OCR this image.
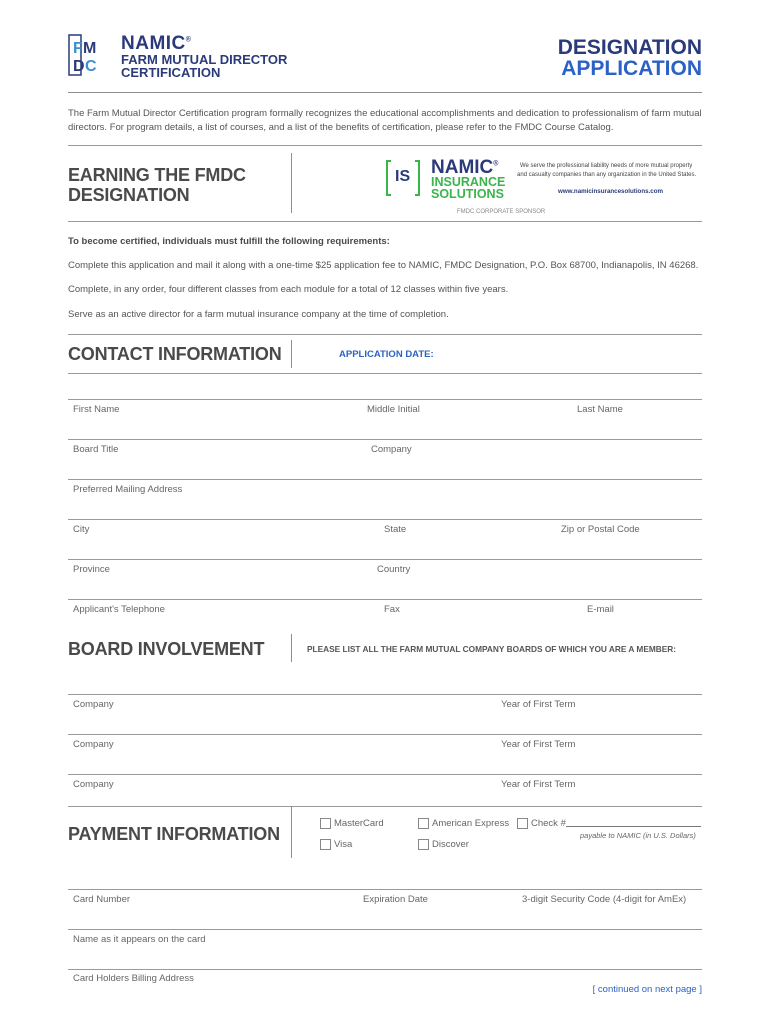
F M
D C
NAMIC®
FARM MUTUAL DIRECTOR
CERTIFICATION
DESIGNATION
APPLICATION
The Farm Mutual Director Certification program formally recognizes the educational accomplishments and dedication to professionalism of farm mutual
directors. For program details, a list of courses, and a list of the benefits of certification, please refer to the FMDC Course Catalog.
EARNING THE FMDC
DESIGNATION
IS NAMIC®
INSURANCE
SOLUTIONS
We serve the professional liability needs of more mutual property
and casualty companies than any organization in the United States.
www.namicinsurancesolutions.com
FMDC CORPORATE SPONSOR
To become certified, individuals must fulfill the following requirements:
Complete this application and mail it along with a one-time $25 application fee to NAMIC, FMDC Designation, P.O. Box 68700, Indianapolis, IN 46268.
Complete, in any order, four different classes from each module for a total of 12 classes within five years.
Serve as an active director for a farm mutual insurance company at the time of completion.
CONTACT INFORMATION	APPLICATION DATE:
First Name	Middle Initial	Last Name
Board Title	Company
Preferred Mailing Address
City	State	Zip or Postal Code
Province	Country
Applicant's Telephone	Fax	E-mail
BOARD INVOLVEMENT	PLEASE LIST ALL THE FARM MUTUAL COMPANY BOARDS OF WHICH YOU ARE A MEMBER:
Company	Year of First Term
Company	Year of First Term
Company	Year of First Term
PAYMENT INFORMATION
MasterCard
Visa
American Express
Discover
Check #
payable to NAMIC (in U.S. Dollars)
Card Number	Expiration Date	3-digit Security Code (4-digit for AmEx)
Name as it appears on the card
Card Holders Billing Address
[ continued on next page ]
